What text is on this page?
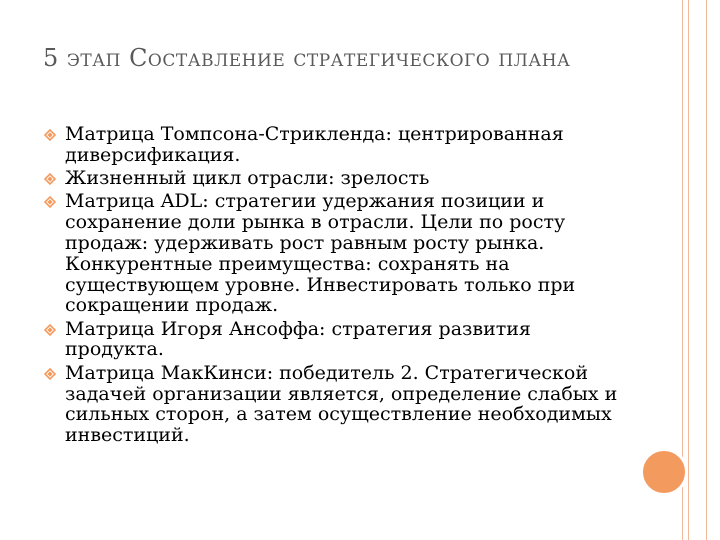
5 этап Составление стратегического плана
Матрица Томпсона-Стрикленда: центрированная диверсификация.
Жизненный цикл отрасли: зрелость
Матрица ADL: стратегии удержания позиции и сохранение доли рынка в отрасли. Цели по росту продаж: удерживать рост равным росту рынка. Конкурентные преимущества: сохранять на существующем уровне. Инвестировать только при сокращении продаж.
Матрица Игоря Ансоффа: стратегия развития продукта.
Матрица МакКинси: победитель 2. Стратегической задачей организации является, определение слабых и сильных сторон, а затем осуществление необходимых инвестиций.
